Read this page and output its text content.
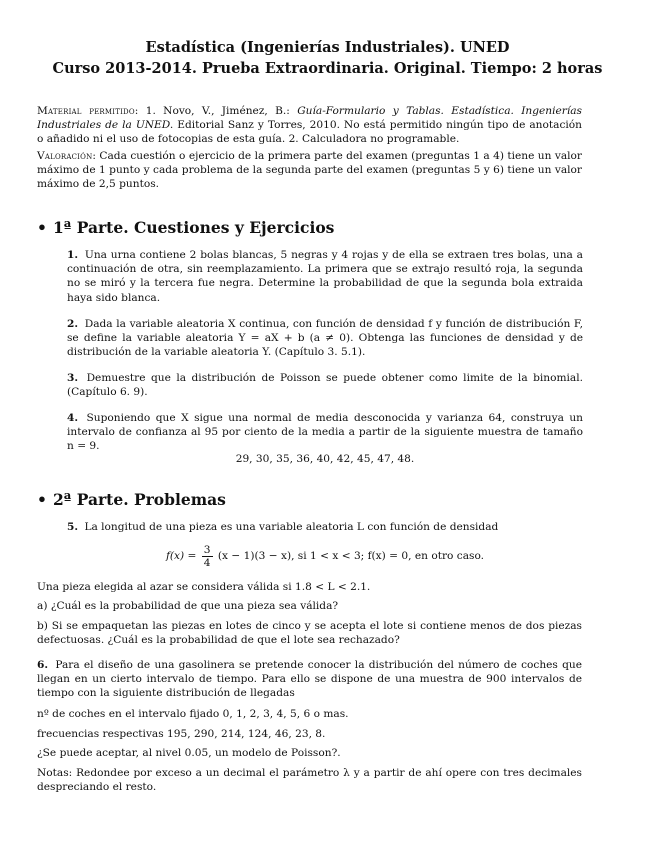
Estadística (Ingenierías Industriales). UNED
Curso 2013-2014. Prueba Extraordinaria. Original. Tiempo: 2 horas
Material permitido: 1. Novo, V., Jiménez, B.: Guía-Formulario y Tablas. Estadística. Ingenierías Industriales de la UNED. Editorial Sanz y Torres, 2010. No está permitido ningún tipo de anotación o añadido ni el uso de fotocopias de esta guía. 2. Calculadora no programable.
Valoración: Cada cuestión o ejercicio de la primera parte del examen (preguntas 1 a 4) tiene un valor máximo de 1 punto y cada problema de la segunda parte del examen (preguntas 5 y 6) tiene un valor máximo de 2,5 puntos.
• 1ª Parte. Cuestiones y Ejercicios
1. Una urna contiene 2 bolas blancas, 5 negras y 4 rojas y de ella se extraen tres bolas, una a continuación de otra, sin reemplazamiento. La primera que se extrajo resultó roja, la segunda no se miró y la tercera fue negra. Determine la probabilidad de que la segunda bola extraida haya sido blanca.
2. Dada la variable aleatoria X continua, con función de densidad f y función de distribución F, se define la variable aleatoria Y = aX + b (a ≠ 0). Obtenga las funciones de densidad y de distribución de la variable aleatoria Y. (Capítulo 3. 5.1).
3. Demuestre que la distribución de Poisson se puede obtener como limite de la binomial. (Capítulo 6. 9).
4. Suponiendo que X sigue una normal de media desconocida y varianza 64, construya un intervalo de confianza al 95 por ciento de la media a partir de la siguiente muestra de tamaño n = 9.
29, 30, 35, 36, 40, 42, 45, 47, 48.
• 2ª Parte. Problemas
5. La longitud de una pieza es una variable aleatoria L con función de densidad
$f(x) = \frac{3}{4} (x - 1)(3 - x)$, si 1 < x < 3; f(x) = 0, en otro caso.
Una pieza elegida al azar se considera válida si 1.8 < L < 2.1.
a) ¿Cuál es la probabilidad de que una pieza sea válida?
b) Si se empaquetan las piezas en lotes de cinco y se acepta el lote si contiene menos de dos piezas defectuosas. ¿Cuál es la probabilidad de que el lote sea rechazado?
6. Para el diseño de una gasolinera se pretende conocer la distribución del número de coches que llegan en un cierto intervalo de tiempo. Para ello se dispone de una muestra de 900 intervalos de tiempo con la siguiente distribución de llegadas
nº de coches en el intervalo fijado 0, 1, 2, 3, 4, 5, 6 o mas.
frecuencias respectivas 195, 290, 214, 124, 46, 23, 8.
¿Se puede aceptar, al nivel 0.05, un modelo de Poisson?.
Notas: Redondee por exceso a un decimal el parámetro λ y a partir de ahí opere con tres decimales despreciando el resto.
